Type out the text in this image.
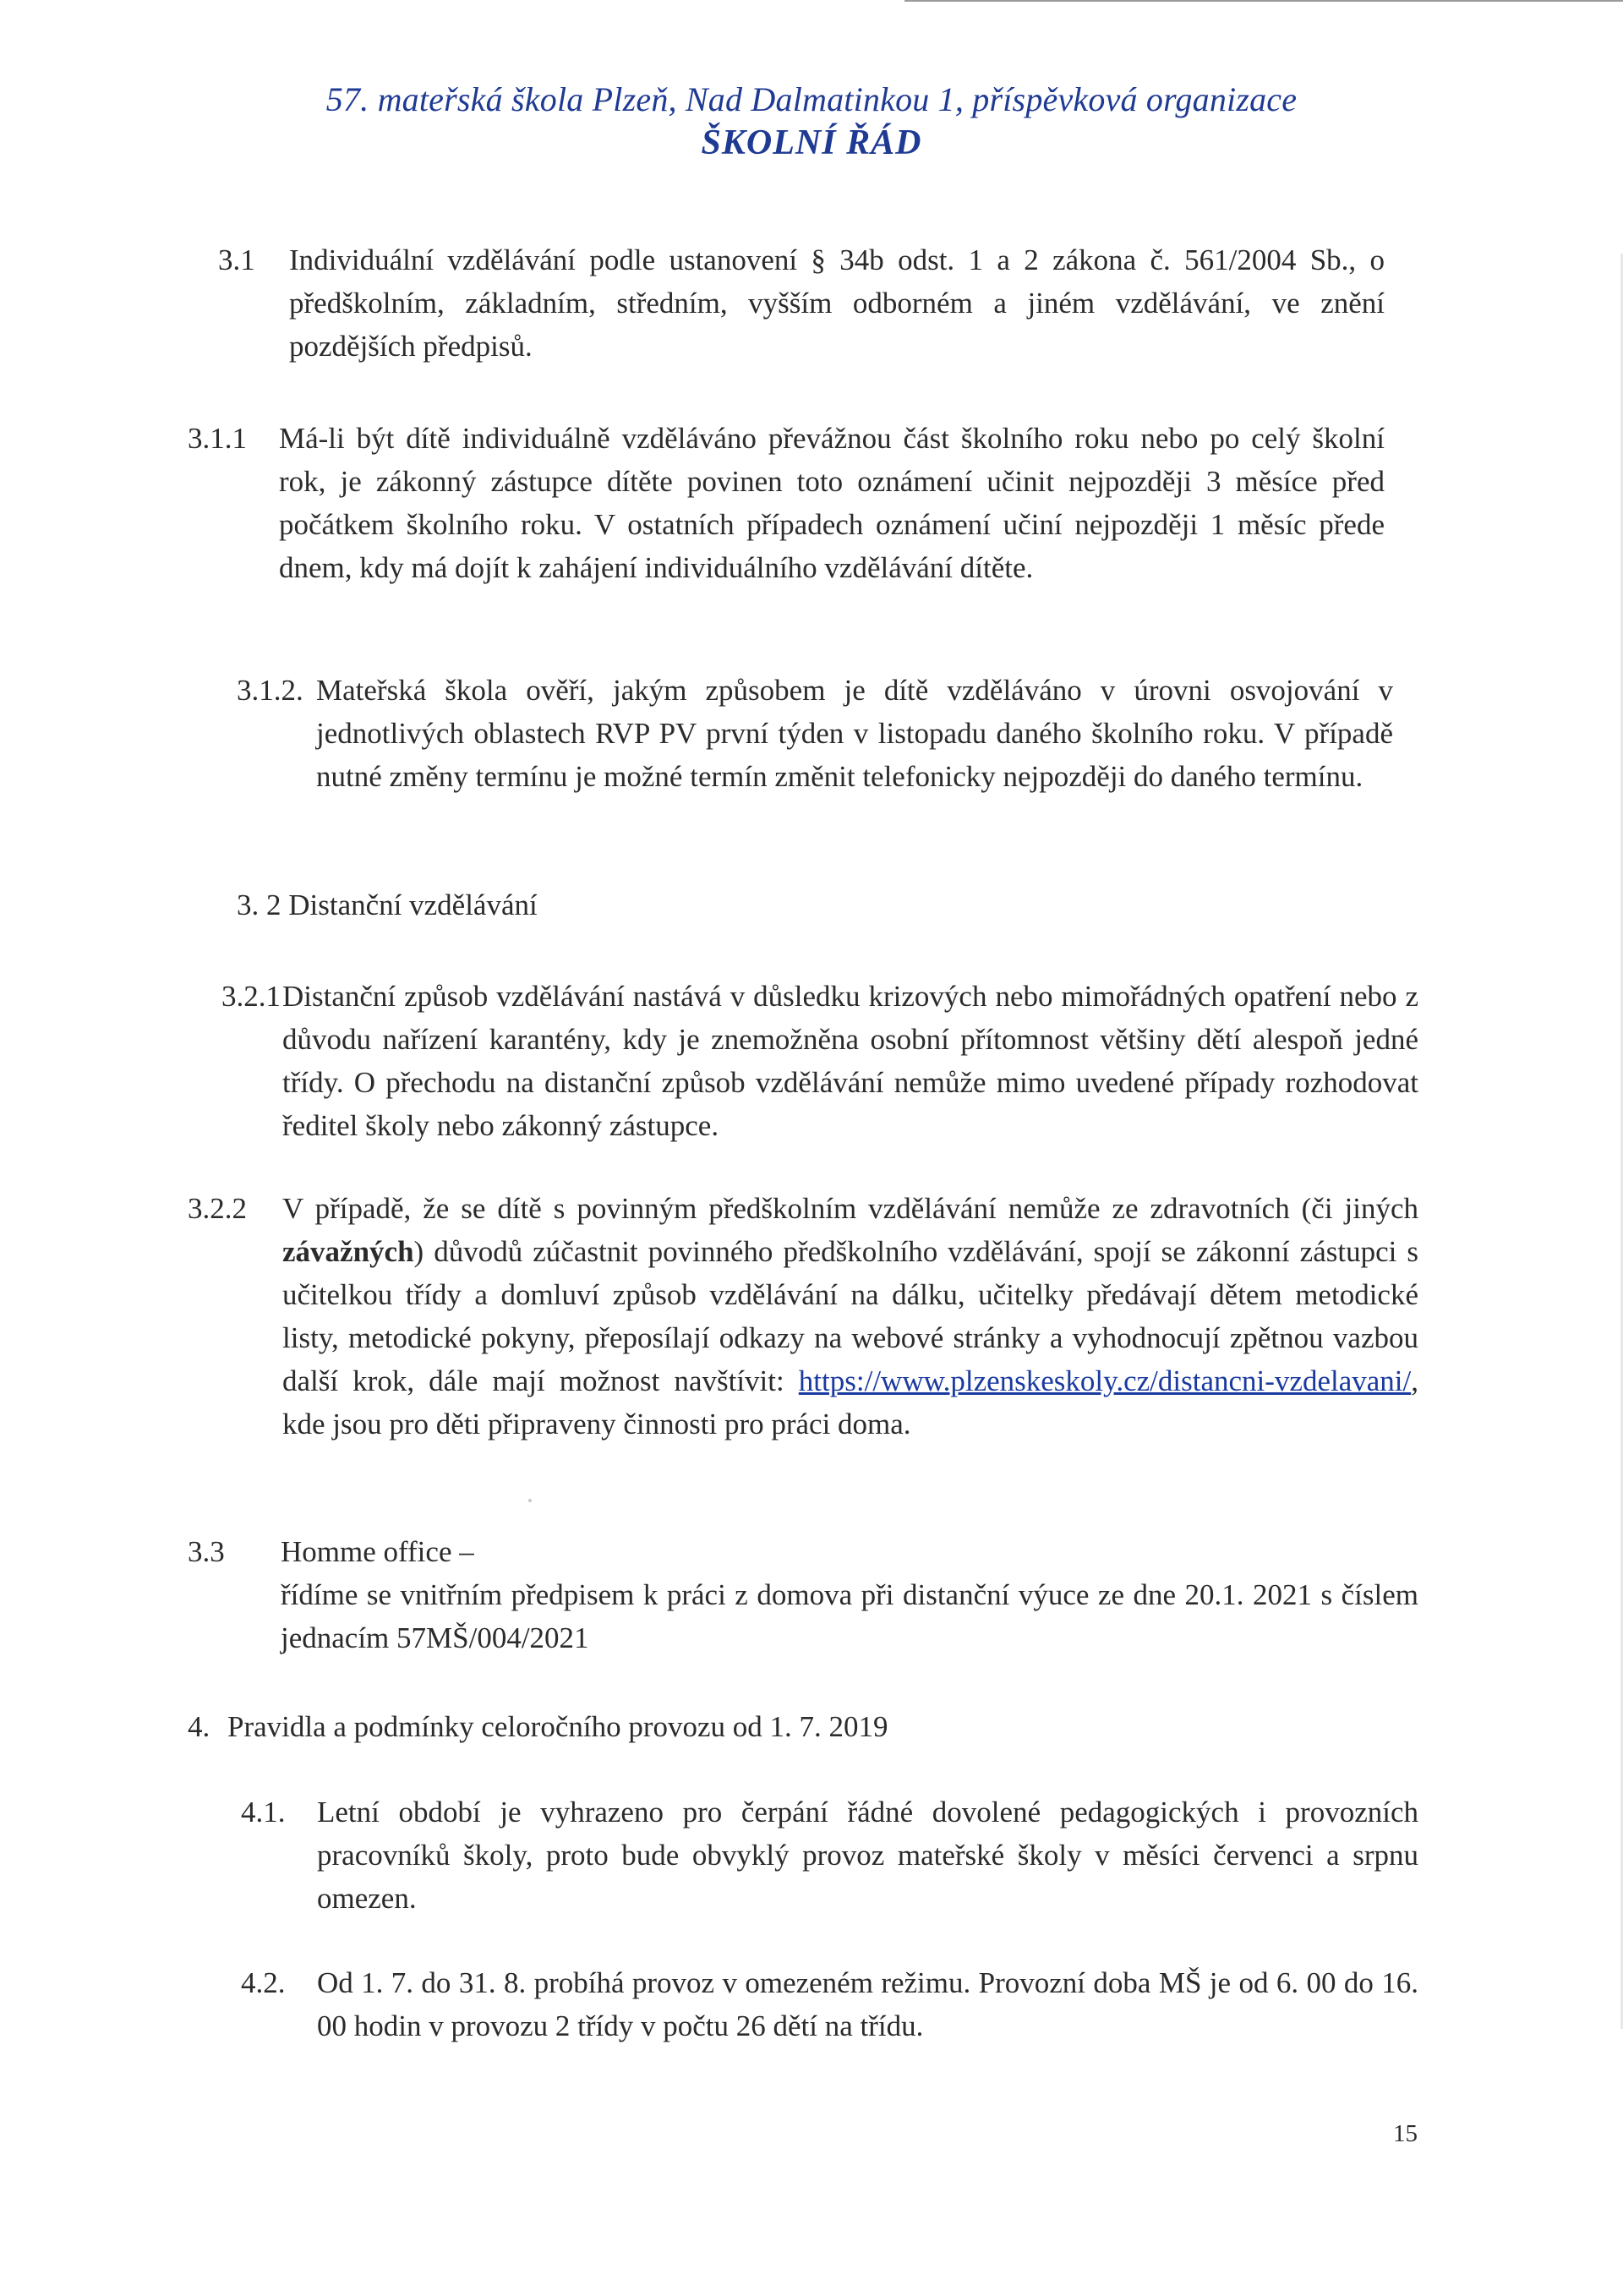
57. mateřská škola Plzeň, Nad Dalmatinkou 1, příspěvková organizace
ŠKOLNÍ ŘÁD
3.1 Individuální vzdělávání podle ustanovení § 34b odst. 1 a 2 zákona č. 561/2004 Sb., o předškolním, základním, středním, vyšším odborném a jiném vzdělávání, ve znění pozdějších předpisů.

3.1.1 Má-li být dítě individuálně vzděláváno převážnou část školního roku nebo po celý školní rok, je zákonný zástupce dítěte povinen toto oznámení učinit nejpozději 3 měsíce před počátkem školního roku. V ostatních případech oznámení učiní nejpozději 1 měsíc přede dnem, kdy má dojít k zahájení individuálního vzdělávání dítěte.

3.1.2. Mateřská škola ověří, jakým způsobem je dítě vzděláváno v úrovni osvojování v jednotlivých oblastech RVP PV první týden v listopadu daného školního roku. V případě nutné změny termínu je možné termín změnit telefonicky nejpozději do daného termínu.

3. 2 Distanční vzdělávání
3.2.1 Distanční způsob vzdělávání nastává v důsledku krizových nebo mimořádných opatření nebo z důvodu nařízení karantény, kdy je znemožněna osobní přítomnost většiny dětí alespoň jedné třídy. O přechodu na distanční způsob vzdělávání nemůže mimo uvedené případy rozhodovat ředitel školy nebo zákonný zástupce.

3.2.2 V případě, že se dítě s povinným předškolním vzdělávání nemůže ze zdravotních (či jiných závažných) důvodů zúčastnit povinného předškolního vzdělávání, spojí se zákonní zástupci s učitelkou třídy a domluví způsob vzdělávání na dálku, učitelky předávají dětem metodické listy, metodické pokyny, přeposílají odkazy na webové stránky a vyhodnocují zpětnou vazbou další krok, dále mají možnost navštívit: https://www.plzenskeskoly.cz/distancni-vzdelavani/, kde jsou pro děti připraveny činnosti pro práci doma.

3.3 Homme office –

řídíme se vnitřním předpisem k práci z domova při distanční výuce ze dne 20.1. 2021 s číslem jednacím 57MŠ/004/2021

4. Pravidla a podmínky celoročního provozu od 1. 7. 2019
4.1. Letní období je vyhrazeno pro čerpání řádné dovolené pedagogických i provozních pracovníků školy, proto bude obvyklý provoz mateřské školy v měsíci červenci a srpnu omezen.

4.2. Od 1. 7. do 31. 8. probíhá provoz v omezeném režimu. Provozní doba MŠ je od 6. 00 do 16. 00 hodin v provozu 2 třídy v počtu 26 dětí na třídu.

15
